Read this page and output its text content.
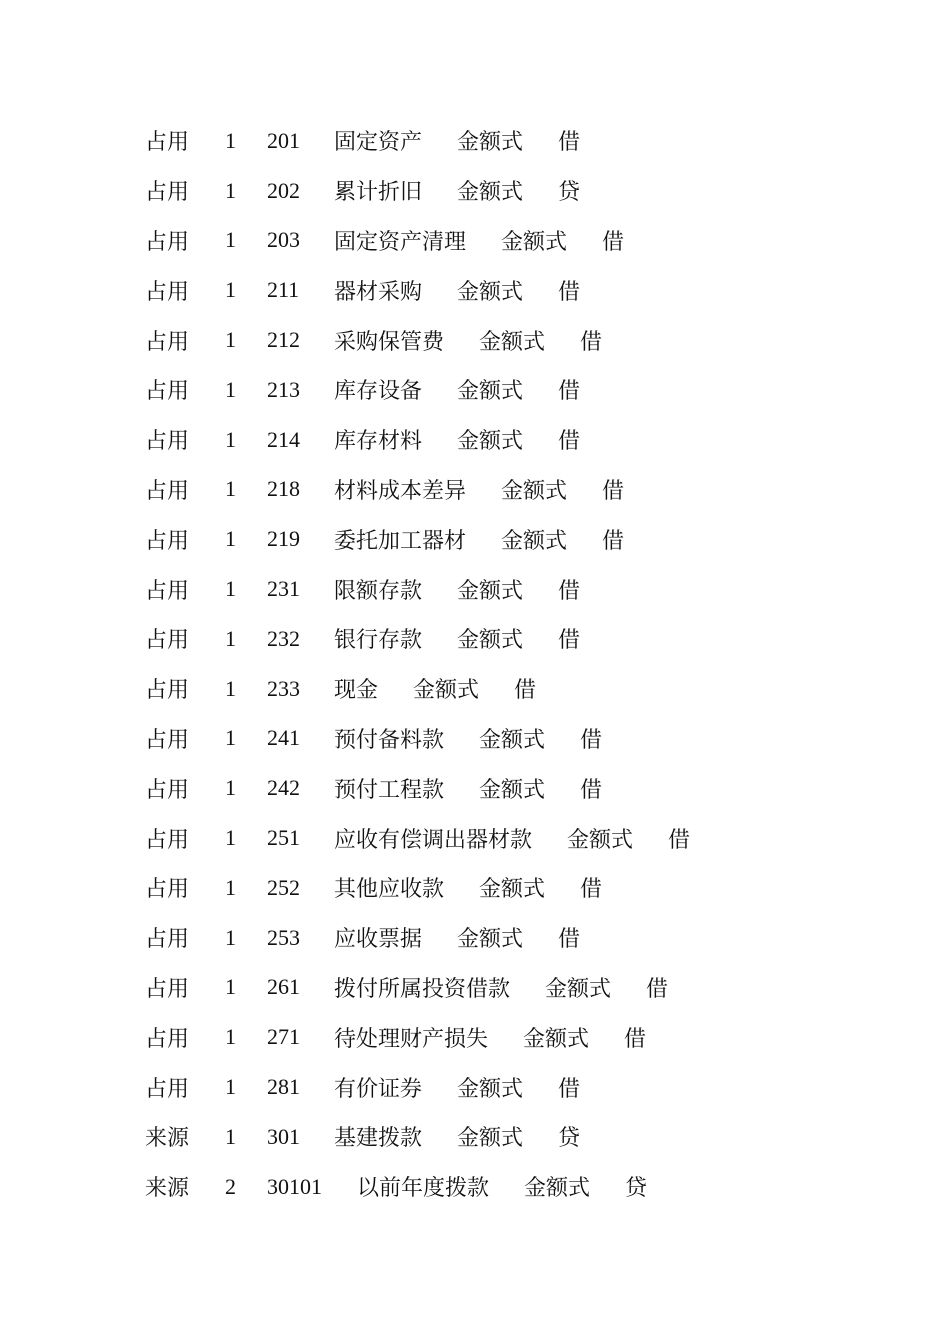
占用	1	201	固定资产 金额式 借
占用	1	202	累计折旧 金额式 贷
占用	1	203	固定资产清理 金额式 借
占用	1	211	器材采购 金额式 借
占用	1	212	采购保管费 金额式 借
占用	1	213	库存设备 金额式 借
占用	1	214	库存材料 金额式 借
占用	1	218	材料成本差异 金额式 借
占用	1	219	委托加工器材 金额式 借
占用	1	231	限额存款 金额式 借
占用	1	232	银行存款 金额式 借
占用	1	233	现金 金额式 借
占用	1	241	预付备料款 金额式 借
占用	1	242	预付工程款 金额式 借
占用	1	251	应收有偿调出器材款 金额式 借
占用	1	252	其他应收款 金额式 借
占用	1	253	应收票据 金额式 借
占用	1	261	拨付所属投资借款 金额式 借
占用	1	271	待处理财产损失 金额式 借
占用	1	281	有价证券 金额式 借
来源	1	301	基建拨款 金额式 贷
来源	2	30101	以前年度拨款 金额式 贷
